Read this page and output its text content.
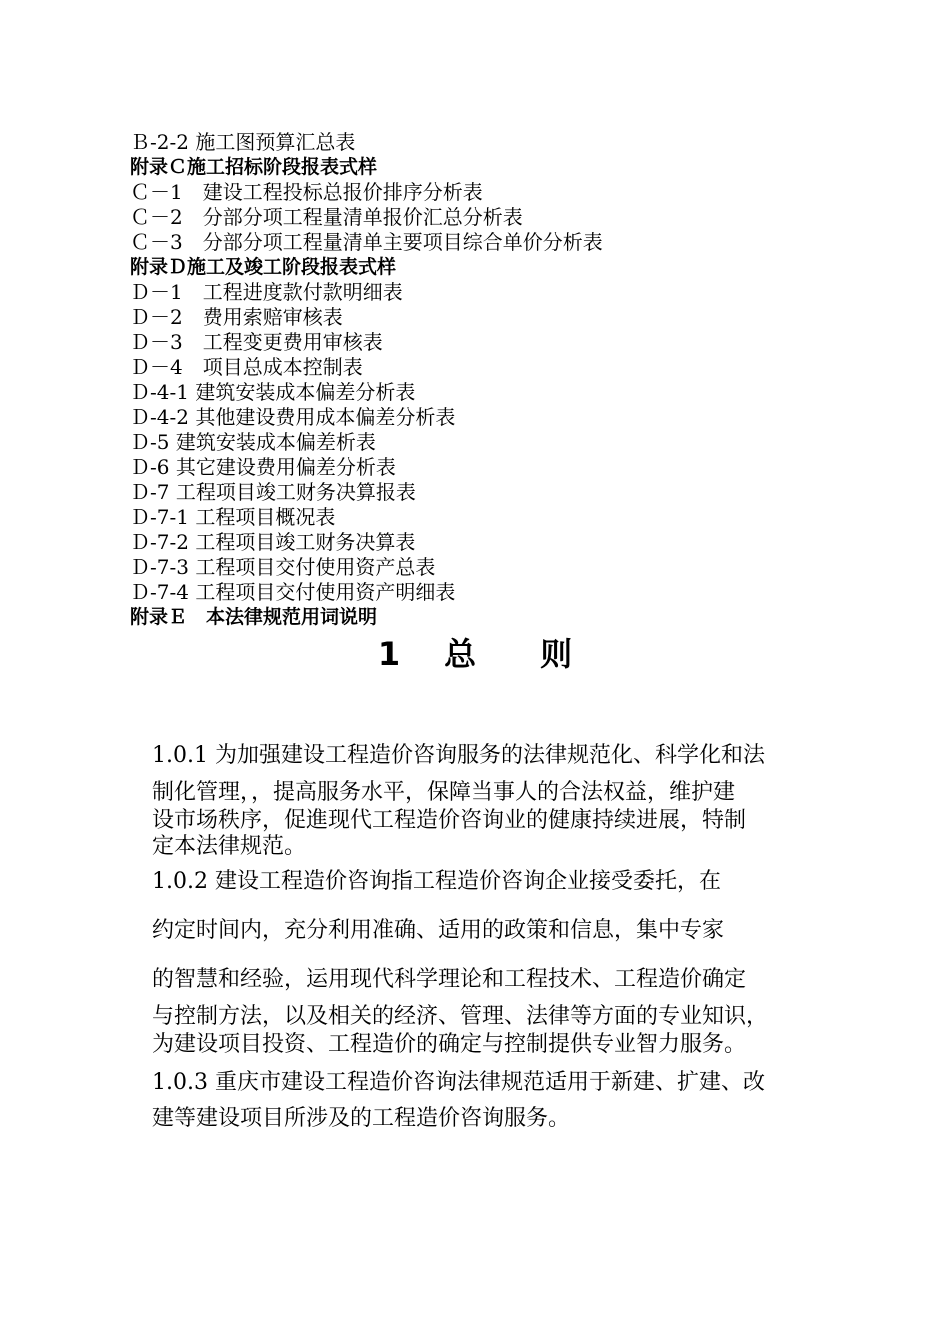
Ｂ-2-2 施工图预算汇总表

附录Ｃ施工招标阶段报表式样

Ｃ－1　建设工程投标总报价排序分析表

Ｃ－2　分部分项工程量清单报价汇总分析表

Ｃ－3　分部分项工程量清单主要项目综合单价分析表

附录Ｄ施工及竣工阶段报表式样

Ｄ－1　工程进度款付款明细表

Ｄ－2　费用索赔审核表

Ｄ－3　工程变更费用审核表

Ｄ－4　项目总成本控制表

Ｄ-4-1 建筑安装成本偏差分析表

Ｄ-4-2 其他建设费用成本偏差分析表

Ｄ-5 建筑安装成本偏差析表

Ｄ-6 其它建设费用偏差分析表

Ｄ-7 工程项目竣工财务决算报表

Ｄ-7-1 工程项目概况表

Ｄ-7-2 工程项目竣工财务决算表

Ｄ-7-3 工程项目交付使用资产总表

Ｄ-7-4 工程项目交付使用资产明细表

附录Ｅ　本法律规范用词说明

1 总 则
1.0.1 为加强建设工程造价咨询服务的法律规范化、科学化和法
制化管理，，提高服务水平，保障当事人的合法权益，维护建
设市场秩序，促進现代工程造价咨询业的健康持续进展，特制
定本法律规范。
1.0.2 建设工程造价咨询指工程造价咨询企业接受委托，在
约定时间内，充分利用准确、适用的政策和信息，集中专家
的智慧和经验，运用现代科学理论和工程技术、工程造价确定
与控制方法，以及相关的经济、管理、法律等方面的专业知识，
为建设项目投资、工程造价的确定与控制提供专业智力服务。
1.0.3 重庆市建设工程造价咨询法律规范适用于新建、扩建、改
建等建设项目所涉及的工程造价咨询服务。
